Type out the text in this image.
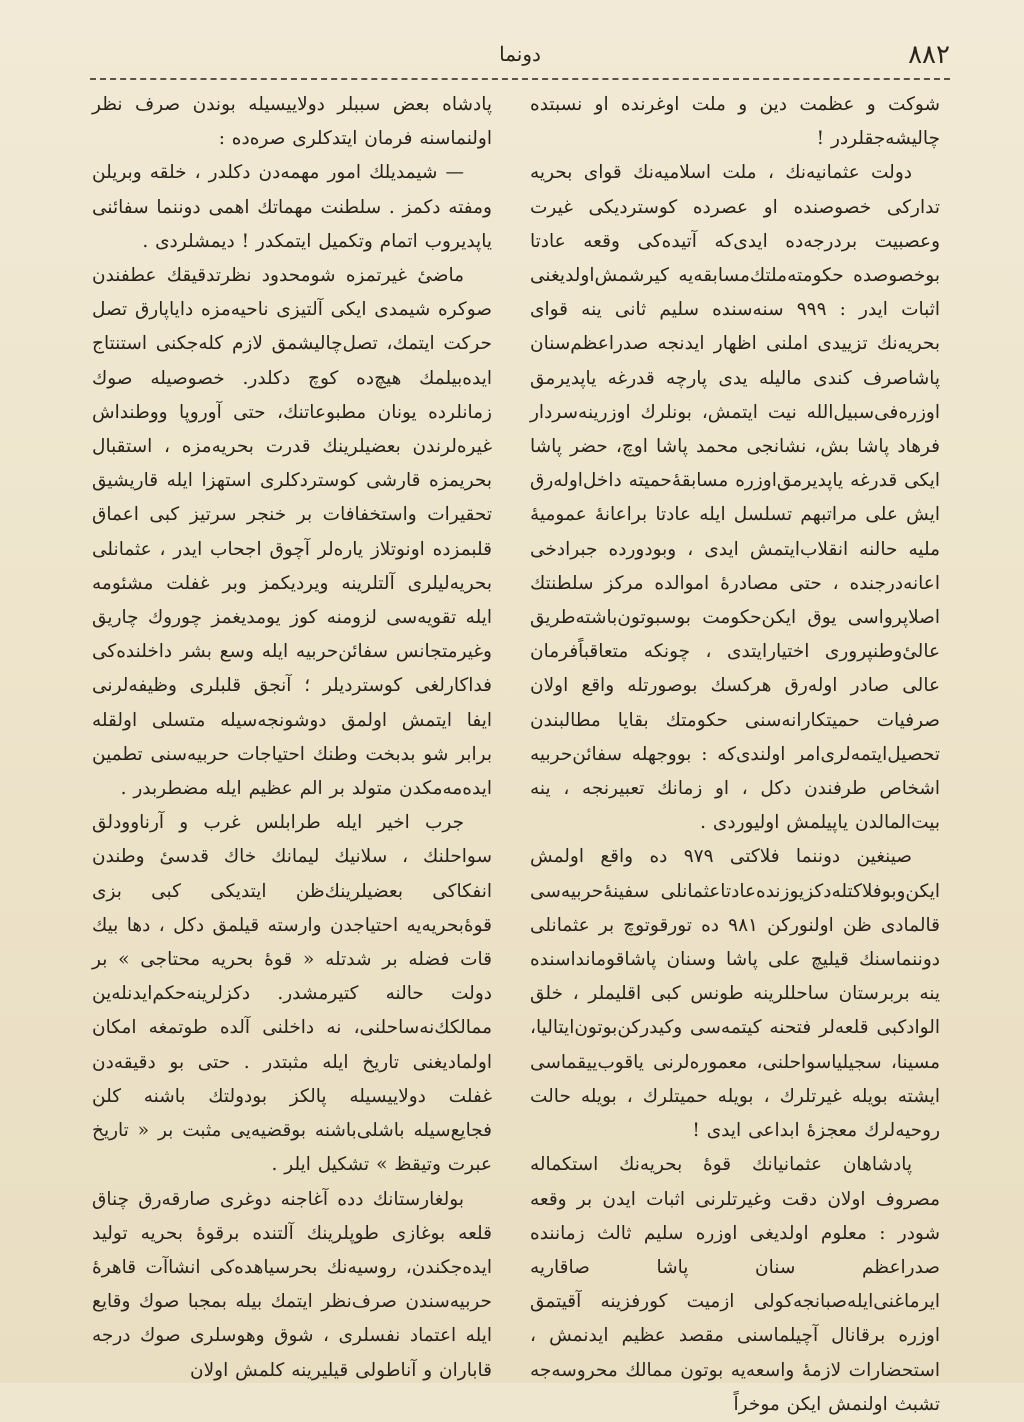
۸۸۲
دونما

شوکت و عظمت دین و ملت اوغرنده او نسبتده چالیشه‌جقلردر !

دولت عثمانیه‌نك ، ملت اسلامیه‌نك قوای بحریه تدارکی خصوصنده او عصرده کوستردیکی غیرت وعصبیت بردرجه‌ده ایدی‌که آتیده‌کی وقعه عادتا بوخصوصده حکومته‌ملتك‌مسابقه‌یه کیرشمش‌اولدیغنی اثبات ایدر : ۹۹۹ سنه‌سنده سلیم ثانی ینه قوای بحریه‌نك تزییدی املنی اظهار ایدنجه صدراعظم‌سنان پاشاصرف کندی مالیله یدی پارچه قدرغه یاپدیرمق اوزره‌فی‌سبیل‌الله نیت ایتمش، بونلرك اوزرینه‌سردار فرهاد پاشا بش، نشانجی محمد پاشا اوچ، حضر پاشا ایکی قدرغه یاپدیرمق‌اوزره مسابقهٔ‌حمیته داخل‌اوله‌رق ایش علی مراتبهم تسلسل ایله عادتا براعانهٔ عمومیهٔ ملیه حالنه انقلاب‌ایتمش ایدی ، وبودورده جبرادخی اعانه‌درجنده ، حتی مصادرهٔ اموالده مرکز سلطنتك اصلاپروا‌سی یوق ایکن‌حکومت بوسبوتون‌باشته‌طریق عالیٔ‌وطنپروری اختیارایتدی ، چونکه متعاقباً‌فرمان عالی صادر اوله‌رق هرکسك بوصورتله واقع اولان صرفیات حمیتکارانه‌سنی حکومتك بقایا مطالبندن تحصیل‌ایتمه‌لری‌امر اولندی‌که : بووجهله سفائن‌حربیه اشخاص طرفندن دکل ، او زمانك تعبیرنجه ، ینه بیت‌المالدن یاپیلمش اولیوردی .

صینغین دوننما فلاکتی ۹۷۹ ده واقع اولمش ایکن‌وبوفلاکتله‌دکزیوزنده‌عادتاعثمانلی سفینهٔ‌حربیه‌سی قالمادی ظن اولنورکن ۹۸۱ ده تورقوتوچ بر عثمانلی دوننماسنك قیلیچ علی پاشا وسنان پاشاقوماندا‌سنده ینه بربرستان ساحللرینه طونس کبی اقلیملر ، خلق الوادکبی قلعه‌لر فتحنه کیتمه‌سی وکیدرکن‌بوتون‌ایتالیا، مسینا، سجیلیاسواحلنی، معموره‌لرنی یاقوب‌ییقماسی ایشته بویله غیرتلرك ، بویله حمیتلرك ، بویله حالت روحیه‌لرك معجزهٔ ابداعی ایدی !

پادشاهان عثمانیانك قوهٔ بحریه‌نك استکماله مصروف اولان دقت وغیرتلرنی اثبات ایدن بر وقعه شودر : معلوم اولدیغی اوزره سلیم ثالث زماننده صدراعظم سنان پاشا صاقاریه ایرماغنی‌ایله‌صبانجه‌کولی ازمیت کورفزینه آقیتمق اوزره برقانال آچیلماسنی مقصد عظیم ایدنمش ، استحضارات لازمهٔ واسعه‌یه بوتون ممالك محروسه‌جه تشبث اولنمش ایکن موخراً

پادشاه بعض سببلر دولاییسیله بوندن صرف نظر اولنماسنه فرمان ایتدکلری صره‌ده :

— شیمدیلك امور مهمه‌دن دکلدر ، خلقه وبریلن ومفته دکمز . سلطنت مهماتك اهمی دوننما سفائنی یاپدیروب اتمام وتکمیل ایتمکدر ! دیمشلردی .

ماضیٔ غیرتمزه شومحدود نظرتدقیقك عطفندن صوکره شیمدی ایکی آلتیزی ناحیه‌مزه دایاپارق تصل حرکت ایتمك، تصل‌چالیشمق لازم کله‌جکنی استنتاج ایده‌بیلمك هیچ‌ده کوچ دکلدر. خصوصیله صوك زمانلرده یونان مطبوعاتنك، حتی آوروپا ووطنداش غیره‌لرندن بعضیلرینك قدرت بحریه‌مزه ، استقبال بحریمزه قارشی کوستردکلری استهزا ایله قاریشیق تحقیرات واستخفافات بر خنجر سرتیز کبی اعماق قلبمزده اونوتلاز یاره‌لر آچوق اجحاب ایدر ، عثمانلی بحریه‌لیلری آلتلرینه ویردیکمز وبر غفلت مشئومه ایله تقویه‌سی لزومنه کوز یومدیغمز چوروك چاریق وغیرمتجانس سفائن‌حربیه ایله وسع بشر داخلنده‌کی فداکارلغی کوستردیلر ؛ آنجق قلبلری وظیفه‌لرنی ایفا ایتمش اولمق دوشونجه‌سیله متسلی اولقله برابر شو بدبخت وطنك احتیاجات حربیه‌سنی تطمین ایده‌مه‌مکدن متولد بر الم عظیم ایله مضطربدر .

جرب اخیر ایله طرابلس غرب و آرناوودلق سواحلنك ، سلانیك لیمانك خاك قدسیٔ وطندن انفکاکی بعضیلرینك‌ظن ایتدیکی کبی بزی قوهٔ‌بحریه‌یه احتیاجدن وارسته قیلمق دکل ، دها بیك قات فضله بر شدتله « قوهٔ بحریه محتاجی » بر دولت حالنه کتیرمشدر. دکزلرینه‌حکم‌ایدنله‌ین ممالکك‌نه‌ساحلنی، نه داخلنی آلده طوتمغه امکان اولمادیغنی تاریخ ایله مثبتدر . حتی بو دقیقه‌دن غفلت دولاییسیله پالکز بودولتك باشنه کلن فجایع‌سیله باشلی‌باشنه بوقضیه‌یی مثبت بر « تاریخ عبرت وتیقظ » تشکیل ایلر .

بولغارستانك دده آغاجنه دوغری صارقه‌رق چناق قلعه بوغازی طوپلرینك آلتنده برقوهٔ بحریه تولید ایده‌جکندن، روسیه‌نك بحرسیاهده‌کی انشاآت قاهرهٔ حربیه‌سندن صرف‌نظر ایتمك بیله بمجبا صوك وقایع ایله اعتماد نفسلری ، شوق وهوسلری صوك درجه قاباران و آناطولی قیلیرینه کلمش اولان
